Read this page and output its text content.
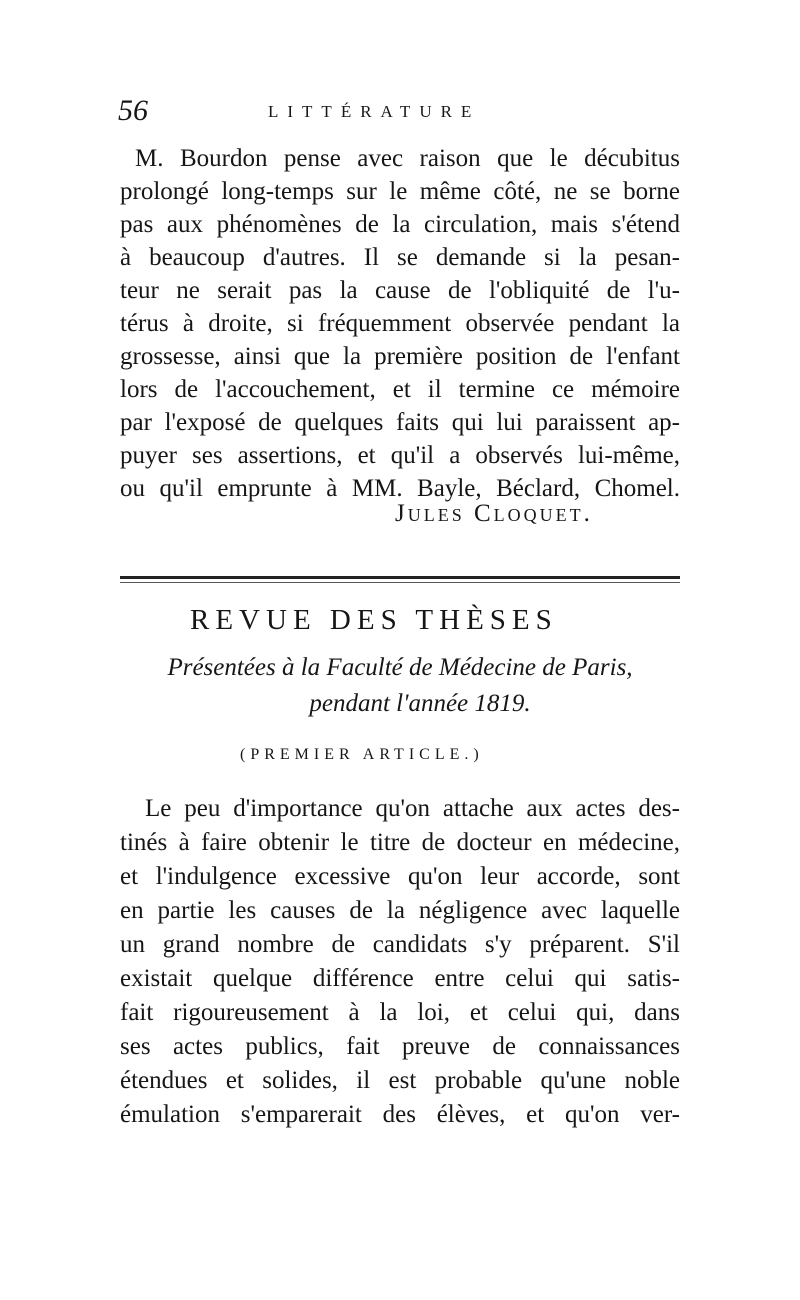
56	LITTÉRATURE
M. Bourdon pense avec raison que le décubitus
prolongé long-temps sur le même côté, ne se borne
pas aux phénomènes de la circulation, mais s'étend
à beaucoup d'autres. Il se demande si la pesan-
teur ne serait pas la cause de l'obliquité de l'u-
térus à droite, si fréquemment observée pendant la
grossesse, ainsi que la première position de l'enfant
lors de l'accouchement, et il termine ce mémoire
par l'exposé de quelques faits qui lui paraissent ap-
puyer ses assertions, et qu'il a observés lui-même,
ou qu'il emprunte à MM. Bayle, Béclard, Chomel.
Jules Cloquet.
REVUE DES THÈSES
Présentées à la Faculté de Médecine de Paris,
pendant l'année 1819.
(PREMIER ARTICLE.)
Le peu d'importance qu'on attache aux actes des-
tinés à faire obtenir le titre de docteur en médecine,
et l'indulgence excessive qu'on leur accorde, sont
en partie les causes de la négligence avec laquelle
un grand nombre de candidats s'y préparent. S'il
existait quelque différence entre celui qui satis-
fait rigoureusement à la loi, et celui qui, dans
ses actes publics, fait preuve de connaissances
étendues et solides, il est probable qu'une noble
émulation s'emparerait des élèves, et qu'on ver-
